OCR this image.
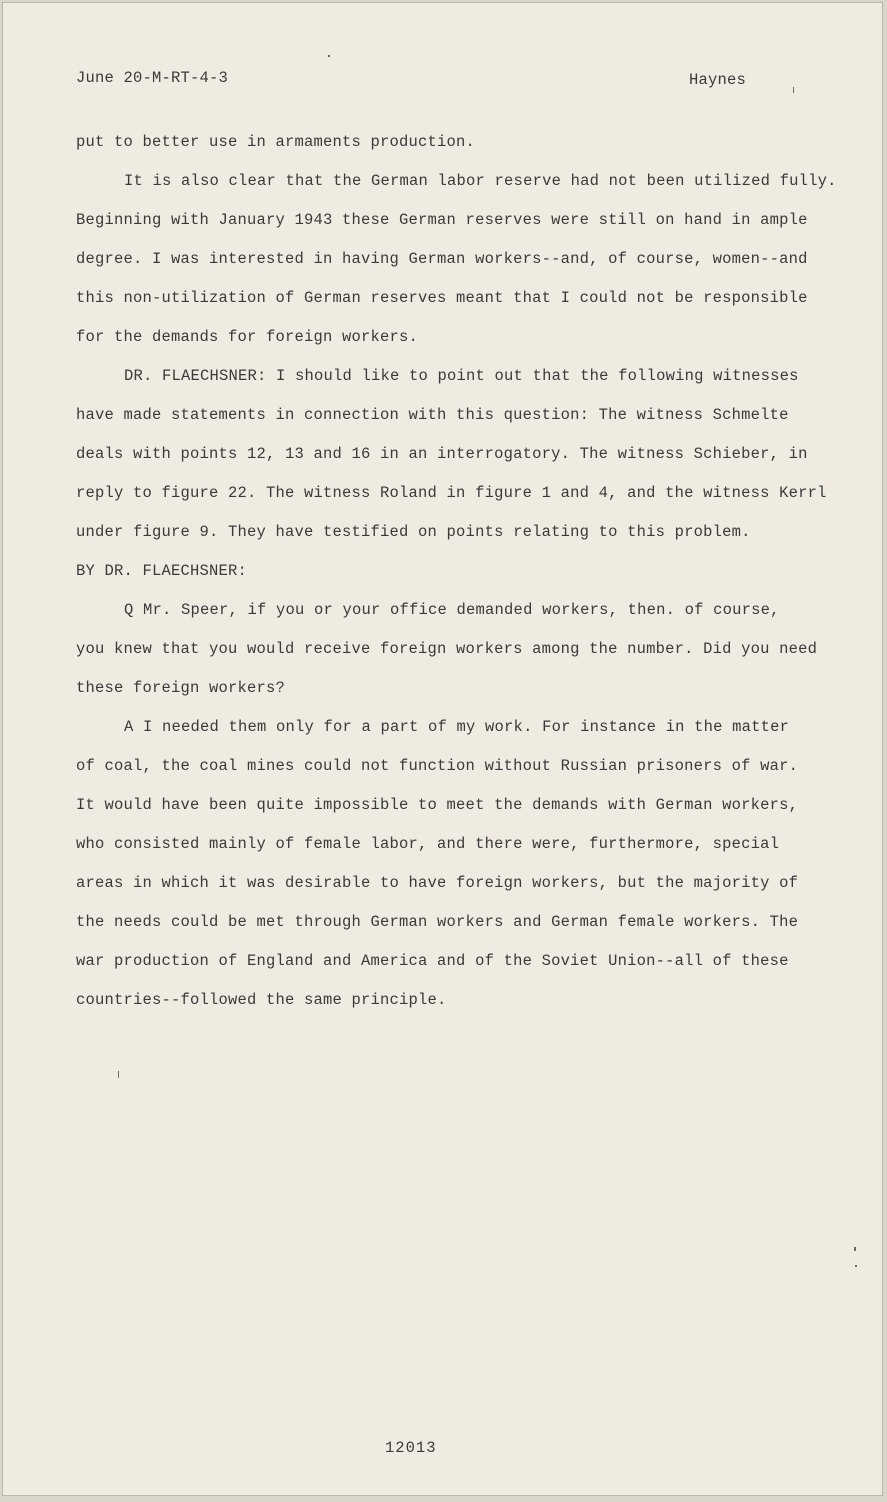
June 20-M-RT-4-3	Haynes
put to better use in armaments production.
It is also clear that the German labor reserve had not been utilized fully.
Beginning with January 1943 these German reserves were still on hand in ample
degree. I was interested in having German workers--and, of course, women--and
this non-utilization of German reserves meant that I could not be responsible
for the demands for foreign workers.
DR. FLAECHSNER: I should like to point out that the following witnesses
have made statements in connection with this question: The witness Schmelte
deals with points 12, 13 and 16 in an interrogatory. The witness Schieber, in
reply to figure 22. The witness Roland in figure 1 and 4, and the witness Kerrl
under figure 9. They have testified on points relating to this problem.
BY DR. FLAECHSNER:
Q Mr. Speer, if you or your office demanded workers, then. of course,
you knew that you would receive foreign workers among the number. Did you need
these foreign workers?
A I needed them only for a part of my work. For instance in the matter
of coal, the coal mines could not function without Russian prisoners of war.
It would have been quite impossible to meet the demands with German workers,
who consisted mainly of female labor, and there were, furthermore, special
areas in which it was desirable to have foreign workers, but the majority of
the needs could be met through German workers and German female workers. The
war production of England and America and of the Soviet Union--all of these
countries--followed the same principle.
12013
